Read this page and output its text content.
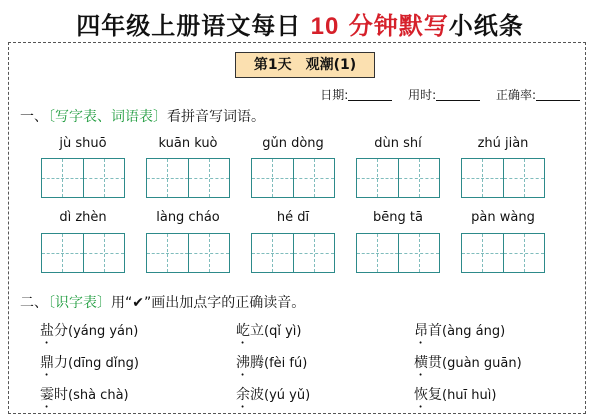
四年级上册语文每日 10 分钟默写小纸条
第1天 观潮(1)
日期:	用时:	正确率:
一、〔写字表、词语表〕看拼音写词语。
jù shuō	kuān kuò	gǔn dòng	dùn shí	zhú jiàn
dì zhèn	làng cháo	hé dī	bēng tā	pàn wàng
二、〔识字表〕用“✔”画出加点字的正确读音。
盐分(yáng yán)	屹立(qǐ yì)	昂首(àng áng)
鼎力(dīng dǐng)	沸腾(fèi fú)	横贯(guàn guān)
霎时(shà chà)	余波(yú yǔ)	恢复(huī huì)
